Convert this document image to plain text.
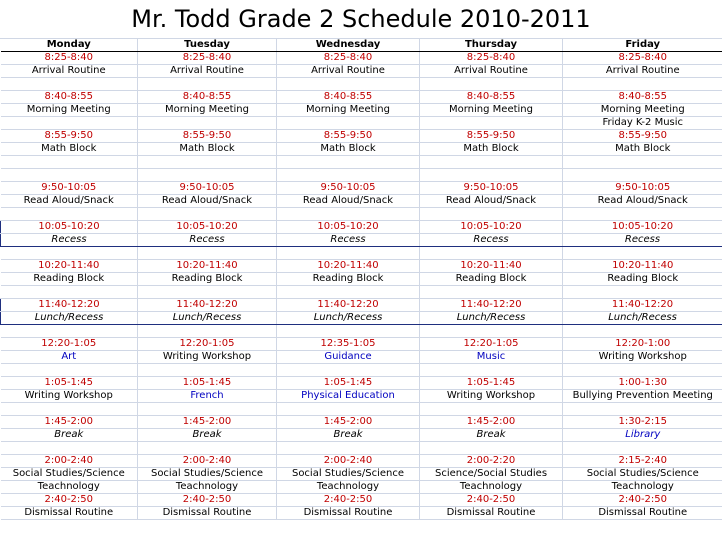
Mr. Todd Grade 2 Schedule 2010-2011
Monday	Tuesday	Wednesday	Thursday	Friday
8:25-8:40	8:25-8:40	8:25-8:40	8:25-8:40	8:25-8:40
Arrival Routine	Arrival Routine	Arrival Routine	Arrival Routine	Arrival Routine

8:40-8:55	8:40-8:55	8:40-8:55	8:40-8:55	8:40-8:55
Morning Meeting	Morning Meeting	Morning Meeting	Morning Meeting	Morning Meeting
				Friday K-2 Music
8:55-9:50	8:55-9:50	8:55-9:50	8:55-9:50	8:55-9:50
Math Block	Math Block	Math Block	Math Block	Math Block

9:50-10:05	9:50-10:05	9:50-10:05	9:50-10:05	9:50-10:05
Read Aloud/Snack	Read Aloud/Snack	Read Aloud/Snack	Read Aloud/Snack	Read Aloud/Snack

10:05-10:20	10:05-10:20	10:05-10:20	10:05-10:20	10:05-10:20
Recess	Recess	Recess	Recess	Recess

10:20-11:40	10:20-11:40	10:20-11:40	10:20-11:40	10:20-11:40
Reading Block	Reading Block	Reading Block	Reading Block	Reading Block

11:40-12:20	11:40-12:20	11:40-12:20	11:40-12:20	11:40-12:20
Lunch/Recess	Lunch/Recess	Lunch/Recess	Lunch/Recess	Lunch/Recess

12:20-1:05	12:20-1:05	12:35-1:05	12:20-1:05	12:20-1:00
Art	Writing Workshop	Guidance	Music	Writing Workshop

1:05-1:45	1:05-1:45	1:05-1:45	1:05-1:45	1:00-1:30
Writing Workshop	French	Physical Education	Writing Workshop	Bullying Prevention Meeting

1:45-2:00	1:45-2:00	1:45-2:00	1:45-2:00	1:30-2:15
Break	Break	Break	Break	Library

2:00-2:40	2:00-2:40	2:00-2:40	2:00-2:20	2:15-2:40
Social Studies/Science	Social Studies/Science	Social Studies/Science	Science/Social Studies	Social Studies/Science
Teachnology	Teachnology	Teachnology	Teachnology	Teachnology
2:40-2:50	2:40-2:50	2:40-2:50	2:40-2:50	2:40-2:50
Dismissal Routine	Dismissal Routine	Dismissal Routine	Dismissal Routine	Dismissal Routine
